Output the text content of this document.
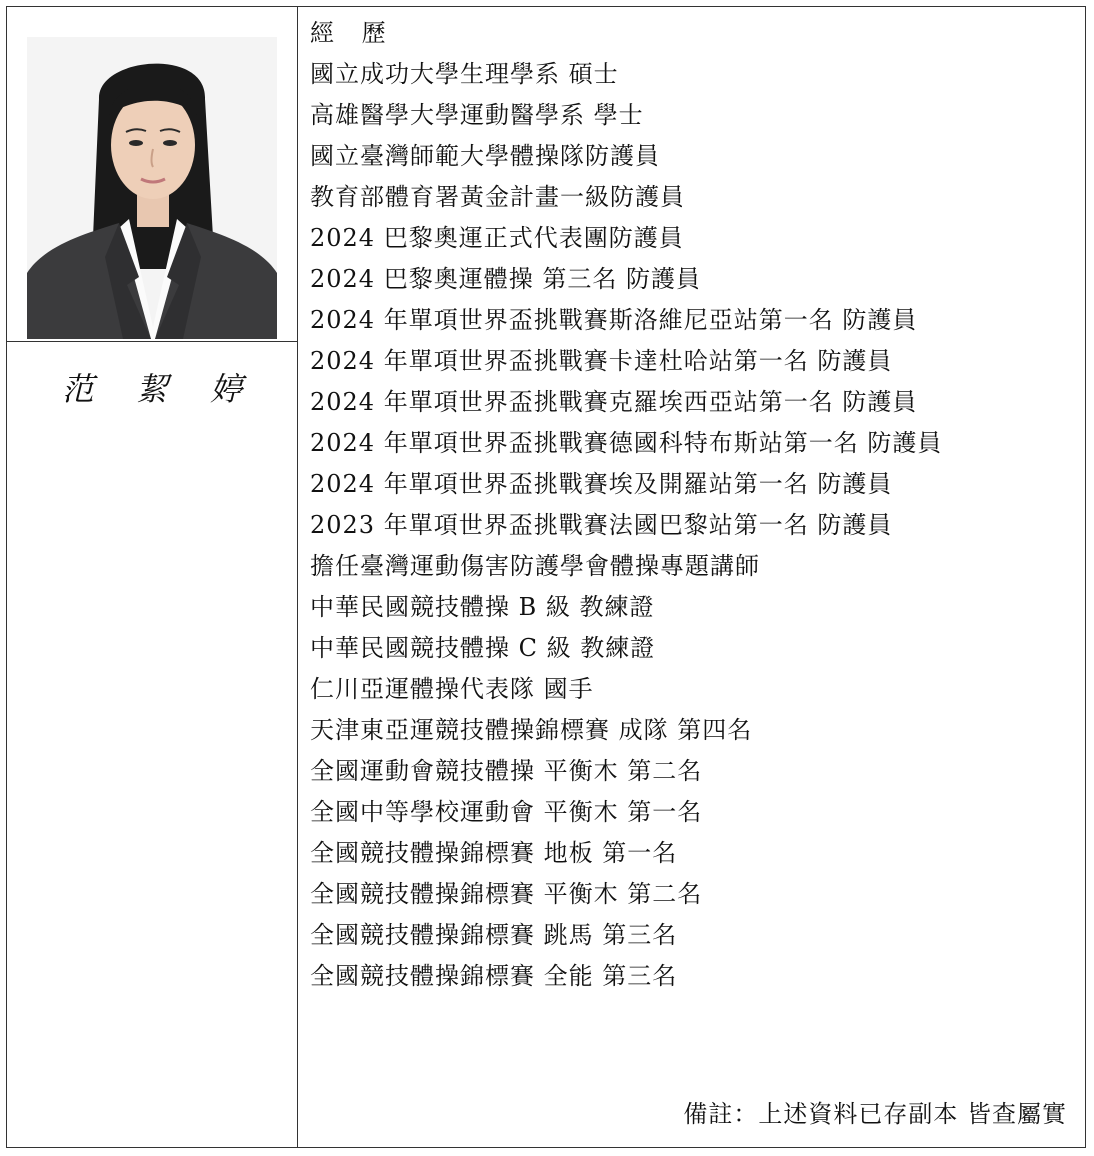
范 絜 婷
經 歷
國立成功大學生理學系 碩士
高雄醫學大學運動醫學系 學士
國立臺灣師範大學體操隊防護員
教育部體育署黃金計畫一級防護員
2024 巴黎奧運正式代表團防護員
2024 巴黎奧運體操 第三名 防護員
2024 年單項世界盃挑戰賽斯洛維尼亞站第一名 防護員
2024 年單項世界盃挑戰賽卡達杜哈站第一名 防護員
2024 年單項世界盃挑戰賽克羅埃西亞站第一名 防護員
2024 年單項世界盃挑戰賽德國科特布斯站第一名 防護員
2024 年單項世界盃挑戰賽埃及開羅站第一名 防護員
2023 年單項世界盃挑戰賽法國巴黎站第一名 防護員
擔任臺灣運動傷害防護學會體操專題講師
中華民國競技體操 B 級 教練證
中華民國競技體操 C 級 教練證
仁川亞運體操代表隊 國手
天津東亞運競技體操錦標賽 成隊 第四名
全國運動會競技體操 平衡木 第二名
全國中等學校運動會 平衡木 第一名
全國競技體操錦標賽 地板 第一名
全國競技體操錦標賽 平衡木 第二名
全國競技體操錦標賽 跳馬 第三名
全國競技體操錦標賽 全能 第三名
備註：上述資料已存副本 皆查屬實
